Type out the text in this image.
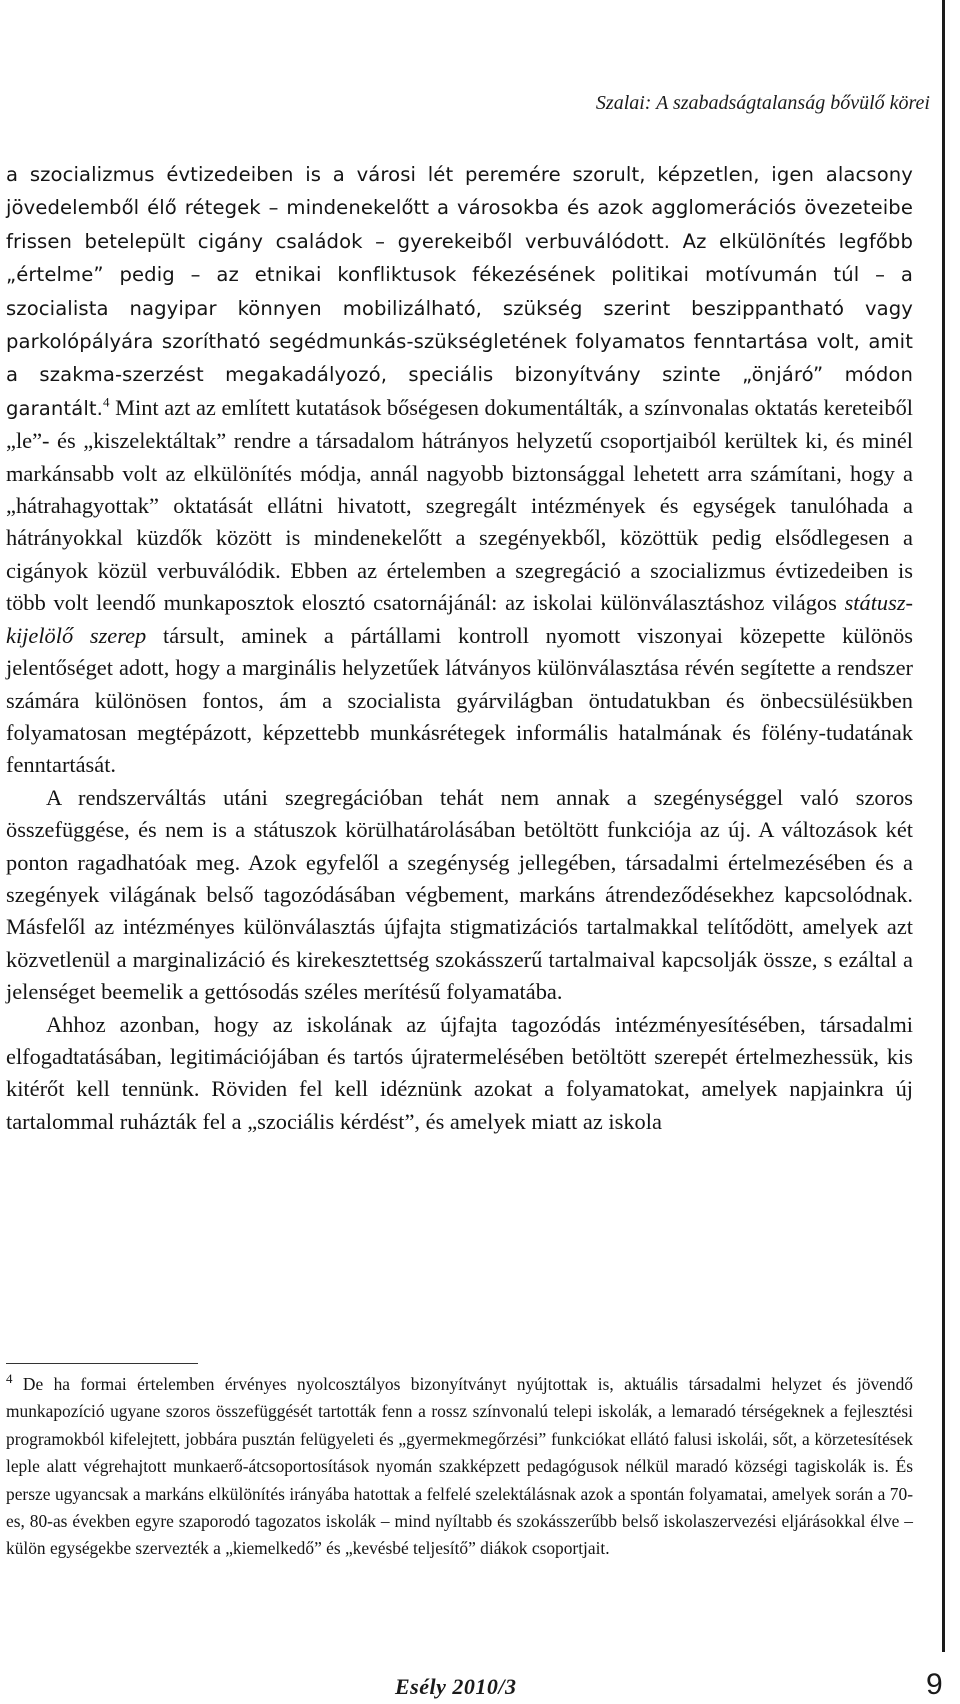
Szalai: A szabadságtalanság bővülő körei

a szocializmus évtizedeiben is a városi lét peremére szorult, képzetlen, igen alacsony jövedelemből élő rétegek – mindenekelőtt a városokba és azok agglomerációs övezeteibe frissen betelepült cigány családok – gyerekeiből verbuválódott. Az elkülönítés legfőbb „értelme” pedig – az etnikai konfliktusok fékezésének politikai motívumán túl – a szocialista nagyipar könnyen mobilizálható, szükség szerint beszippantható vagy parkolópályára szorítható segédmunkás-szükségletének folyamatos fenntartása volt, amit a szakma-szerzést megakadályozó, speciális bizonyítvány szinte „önjáró” módon garantált.$^4$ Mint azt az említett kutatások bőségesen dokumentálták, a színvonalas oktatás kereteiből „le”- és „kiszelektáltak” rendre a társadalom hátrányos helyzetű csoportjaiból kerültek ki, és minél markánsabb volt az elkülönítés módja, annál nagyobb biztonsággal lehetett arra számítani, hogy a „hátrahagyottak” oktatását ellátni hivatott, szegregált intézmények és egységek tanulóhada a hátrányokkal küzdők között is mindenekelőtt a szegényekből, közöttük pedig elsődlegesen a cigányok közül verbuválódik. Ebben az értelemben a szegregáció a szocializmus évtizedeiben is több volt leendő munkaposztok elosztó csatornájánál: az iskolai különválasztáshoz világos státusz-kijelölő szerep társult, aminek a pártállami kontroll nyomott viszonyai közepette különös jelentőséget adott, hogy a marginális helyzetűek látványos különválasztása révén segítette a rendszer számára különösen fontos, ám a szocialista gyárvilágban öntudatukban és önbecsülésükben folyamatosan megtépázott, képzettebb munkásrétegek informális hatalmának és fölény-tudatának fenntartását.

A rendszerváltás utáni szegregációban tehát nem annak a szegénységgel való szoros összefüggése, és nem is a státuszok körülhatárolásában betöltött funkciója az új. A változások két ponton ragadhatóak meg. Azok egyfelől a szegénység jellegében, társadalmi értelmezésében és a szegények világának belső tagozódásában végbement, markáns átrendeződésekhez kapcsolódnak. Másfelől az intézményes különválasztás újfajta stigmatizációs tartalmakkal telítődött, amelyek azt közvetlenül a marginalizáció és kirekesztettség szokásszerű tartalmaival kapcsolják össze, s ezáltal a jelenséget beemelik a gettósodás széles merítésű folyamatába.

Ahhoz azonban, hogy az iskolának az újfajta tagozódás intézményesítésében, társadalmi elfogadtatásában, legitimációjában és tartós újratermelésében betöltött szerepét értelmezhessük, kis kitérőt kell tennünk. Röviden fel kell idéznünk azokat a folyamatokat, amelyek napjainkra új tartalommal ruházták fel a „szociális kérdést”, és amelyek miatt az iskola

$^4$ De ha formai értelemben érvényes nyolcosztályos bizonyítványt nyújtottak is, aktuális társadalmi helyzet és jövendő munkapozíció ugyane szoros összefüggését tartották fenn a rossz színvonalú telepi iskolák, a lemaradó térségeknek a fejlesztési programokból kifelejtett, jobbára pusztán felügyeleti és „gyermekmegőrzési” funkciókat ellátó falusi iskolái, sőt, a körzetesítések leple alatt végrehajtott munkaerő-átcsoportosítások nyomán szakképzett pedagógusok nélkül maradó községi tagiskolák is. És persze ugyancsak a markáns elkülönítés irányába hatottak a felfelé szelektálásnak azok a spontán folyamatai, amelyek során a 70-es, 80-as években egyre szaporodó tagozatos iskolák – mind nyíltabb és szokásszerűbb belső iskolaszervezési eljárásokkal élve – külön egységekbe szervezték a „kiemelkedő” és „kevésbé teljesítő” diákok csoportjait.

Esély 2010/3	9
